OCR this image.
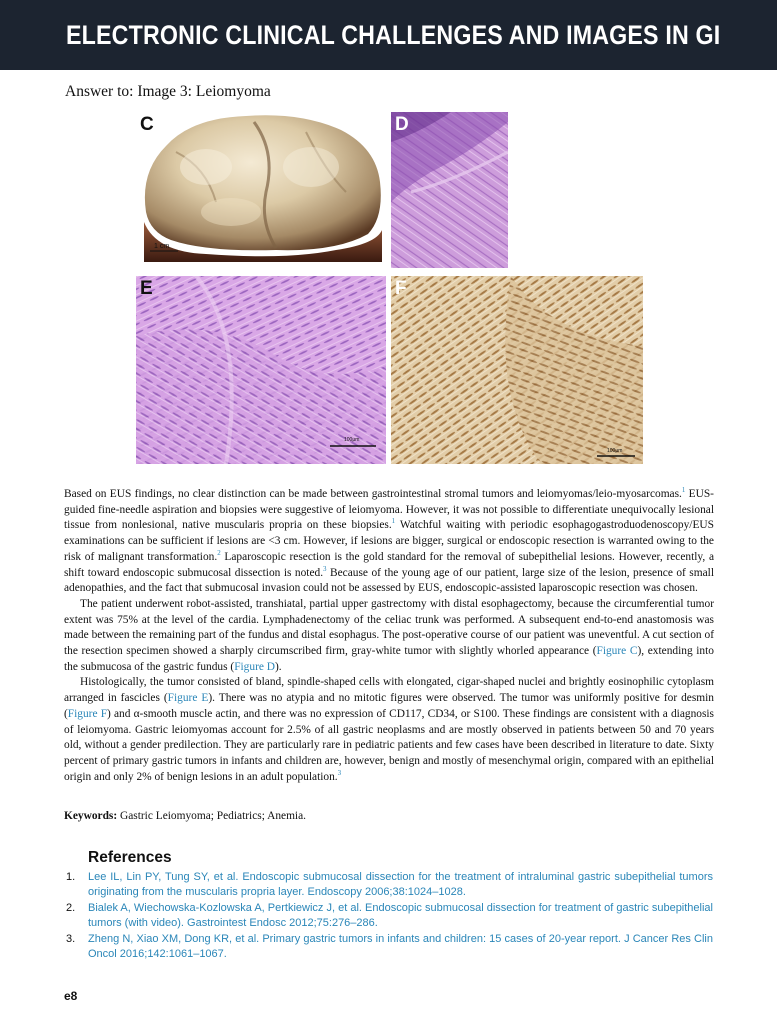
ELECTRONIC CLINICAL CHALLENGES AND IMAGES IN GI
Answer to: Image 3: Leiomyoma
C
1 cm
D
E
100μm
F
100μm

Based on EUS findings, no clear distinction can be made between gastrointestinal stromal tumors and leiomyomas/leio-myosarcomas.$^1$ EUS-guided fine-needle aspiration and biopsies were suggestive of leiomyoma. However, it was not possible to differentiate unequivocally lesional tissue from nonlesional, native muscularis propria on these biopsies.$^1$ Watchful waiting with periodic esophagogastroduodenoscopy/EUS examinations can be sufficient if lesions are <3 cm. However, if lesions are bigger, surgical or endoscopic resection is warranted owing to the risk of malignant transformation.$^2$ Laparoscopic resection is the gold standard for the removal of subepithelial lesions. However, recently, a shift toward endoscopic submucosal dissection is noted.$^3$ Because of the young age of our patient, large size of the lesion, presence of small adenopathies, and the fact that submucosal invasion could not be assessed by EUS, endoscopic-assisted laparoscopic resection was chosen.

The patient underwent robot-assisted, transhiatal, partial upper gastrectomy with distal esophagectomy, because the circumferential tumor extent was 75% at the level of the cardia. Lymphadenectomy of the celiac trunk was performed. A subsequent end-to-end anastomosis was made between the remaining part of the fundus and distal esophagus. The post-operative course of our patient was uneventful. A cut section of the resection specimen showed a sharply circumscribed firm, gray-white tumor with slightly whorled appearance (Figure C), extending into the submucosa of the gastric fundus (Figure D).

Histologically, the tumor consisted of bland, spindle-shaped cells with elongated, cigar-shaped nuclei and brightly eosinophilic cytoplasm arranged in fascicles (Figure E). There was no atypia and no mitotic figures were observed. The tumor was uniformly positive for desmin (Figure F) and α-smooth muscle actin, and there was no expression of CD117, CD34, or S100. These findings are consistent with a diagnosis of leiomyoma. Gastric leiomyomas account for 2.5% of all gastric neoplasms and are mostly observed in patients between 50 and 70 years old, without a gender predilection. They are particularly rare in pediatric patients and few cases have been described in literature to date. Sixty percent of primary gastric tumors in infants and children are, however, benign and mostly of mesenchymal origin, compared with an epithelial origin and only 2% of benign lesions in an adult population.$^3$

Keywords: Gastric Leiomyoma; Pediatrics; Anemia.
References
1. Lee IL, Lin PY, Tung SY, et al. Endoscopic submucosal dissection for the treatment of intraluminal gastric subepithelial tumors originating from the muscularis propria layer. Endoscopy 2006;38:1024–1028.
2. Bialek A, Wiechowska-Kozlowska A, Pertkiewicz J, et al. Endoscopic submucosal dissection for treatment of gastric subepithelial tumors (with video). Gastrointest Endosc 2012;75:276–286.
3. Zheng N, Xiao XM, Dong KR, et al. Primary gastric tumors in infants and children: 15 cases of 20-year report. J Cancer Res Clin Oncol 2016;142:1061–1067.
e8
